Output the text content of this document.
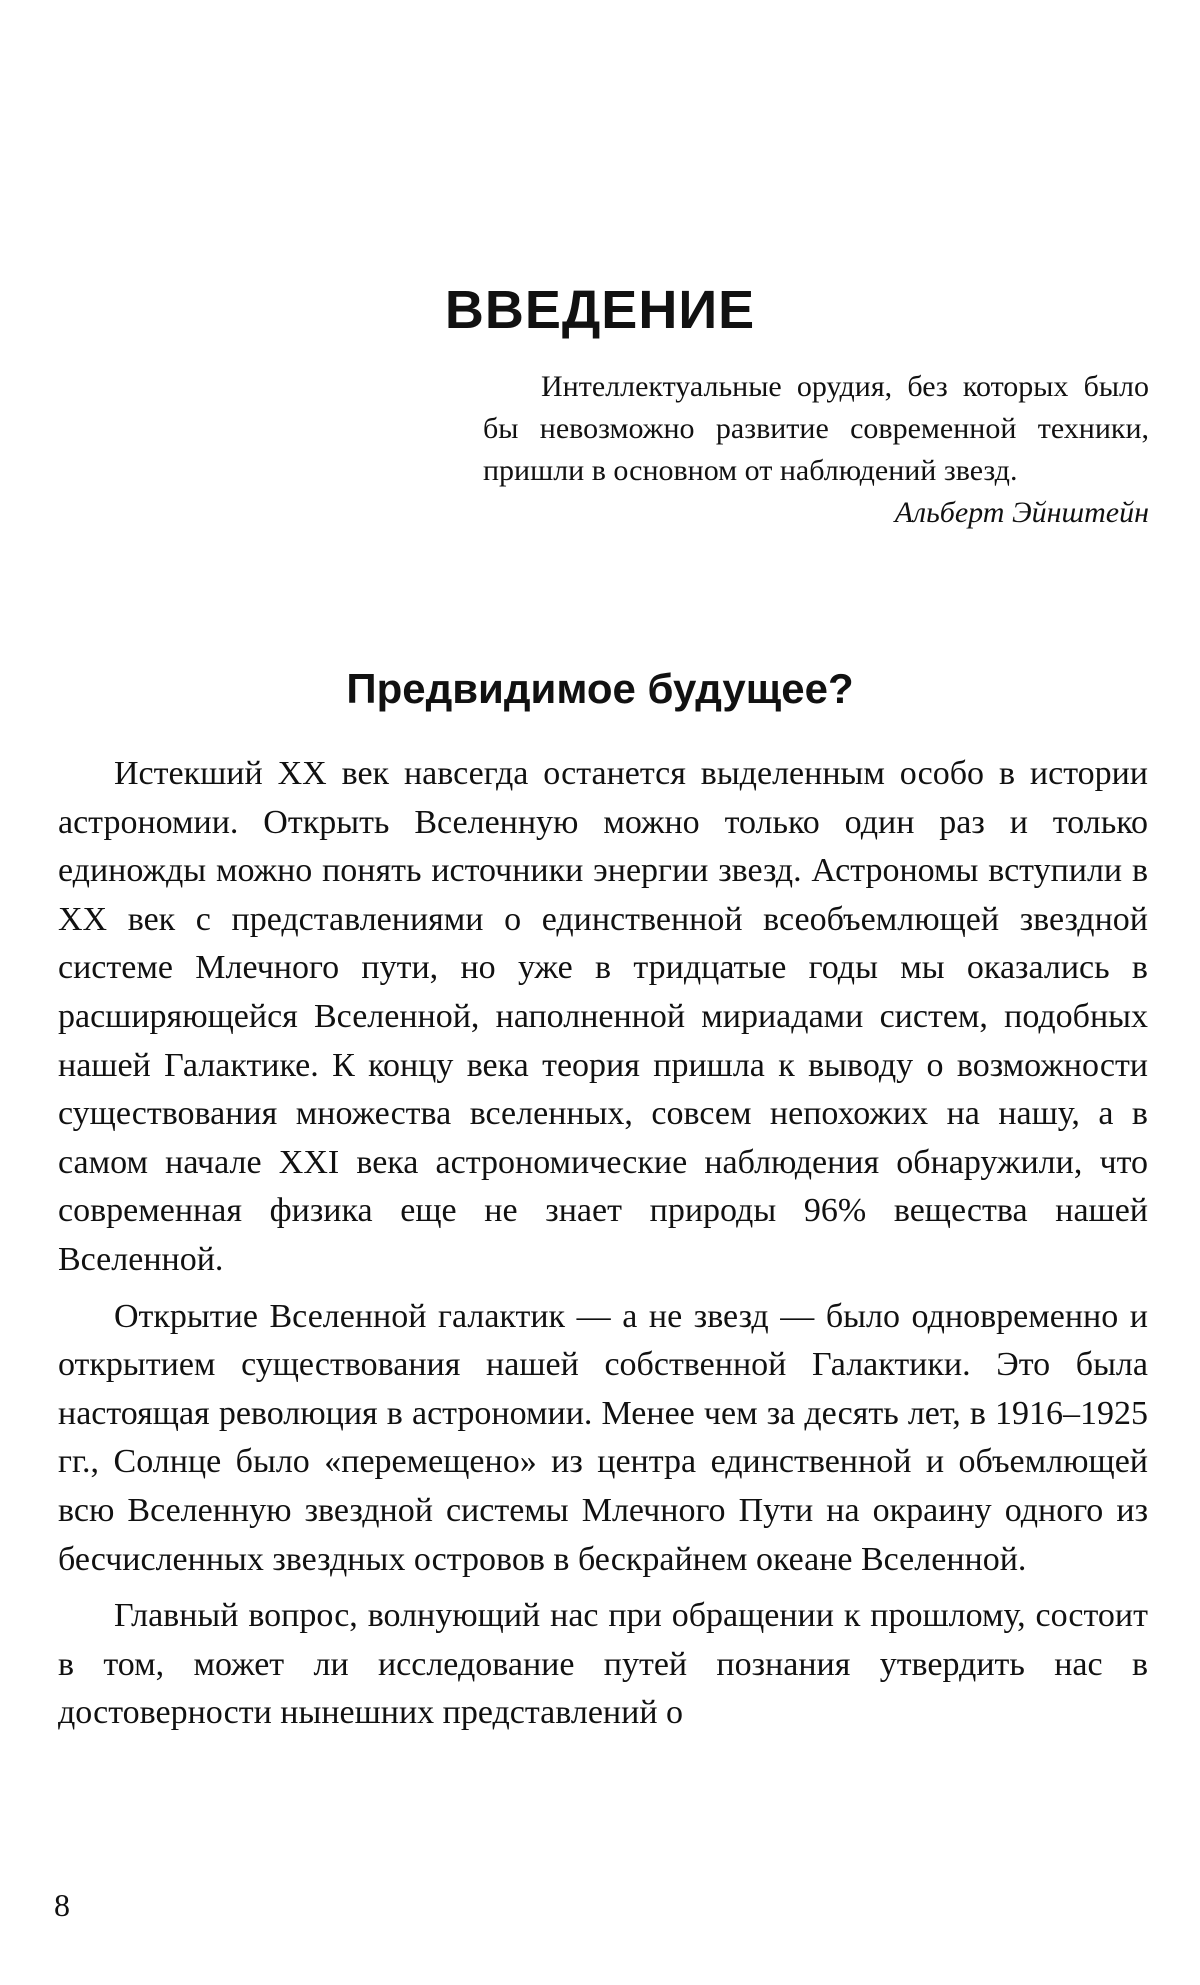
ВВЕДЕНИЕ

Интеллектуальные орудия, без которых было бы невозможно развитие современной техники, пришли в основном от наблюдений звезд.

Альберт Эйнштейн

Предвидимое будущее?

Истекший XX век навсегда останется выделенным особо в истории астрономии. Открыть Вселенную можно только один раз и только единожды можно понять источники энергии звезд. Астрономы вступили в XX век с представлениями о единственной всеобъемлющей звездной системе Млечного пути, но уже в тридцатые годы мы оказались в расширяющейся Вселенной, наполненной мириадами систем, подобных нашей Галактике. К концу века теория пришла к выводу о возможности существования множества вселенных, совсем непохожих на нашу, а в самом начале XXI века астрономические наблюдения обнаружили, что современная физика еще не знает природы 96% вещества нашей Вселенной.

Открытие Вселенной галактик — а не звезд — было одновременно и открытием существования нашей собственной Галактики. Это была настоящая революция в астрономии. Менее чем за десять лет, в 1916–1925 гг., Солнце было «перемещено» из центра единственной и объемлющей всю Вселенную звездной системы Млечного Пути на окраину одного из бесчисленных звездных островов в бескрайнем океане Вселенной.

Главный вопрос, волнующий нас при обращении к прошлому, состоит в том, может ли исследование путей познания утвердить нас в достоверности нынешних представлений о

8
